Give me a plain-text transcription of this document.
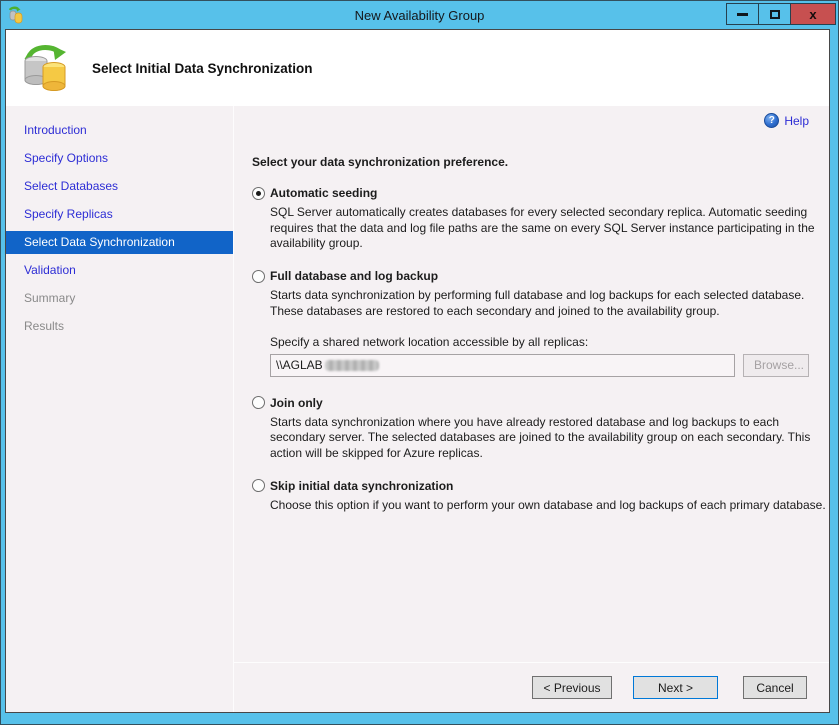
New Availability Group	x
Select Initial Data Synchronization
Introduction
Specify Options
Select Databases
Specify Replicas
Select Data Synchronization
Validation
Summary
Results
? Help
Select your data synchronization preference.
Automatic seeding
SQL Server automatically creates databases for every selected secondary replica. Automatic seeding requires that the data and log file paths are the same on every SQL Server instance participating in the availability group.
Full database and log backup
Starts data synchronization by performing full database and log backups for each selected database. These databases are restored to each secondary and joined to the availability group.
Specify a shared network location accessible by all replicas:
\\AGLAB	Browse...
Join only
Starts data synchronization where you have already restored database and log backups to each secondary server. The selected databases are joined to the availability group on each secondary. This action will be skipped for Azure replicas.
Skip initial data synchronization
Choose this option if you want to perform your own database and log backups of each primary database.
< Previous	Next >	Cancel
